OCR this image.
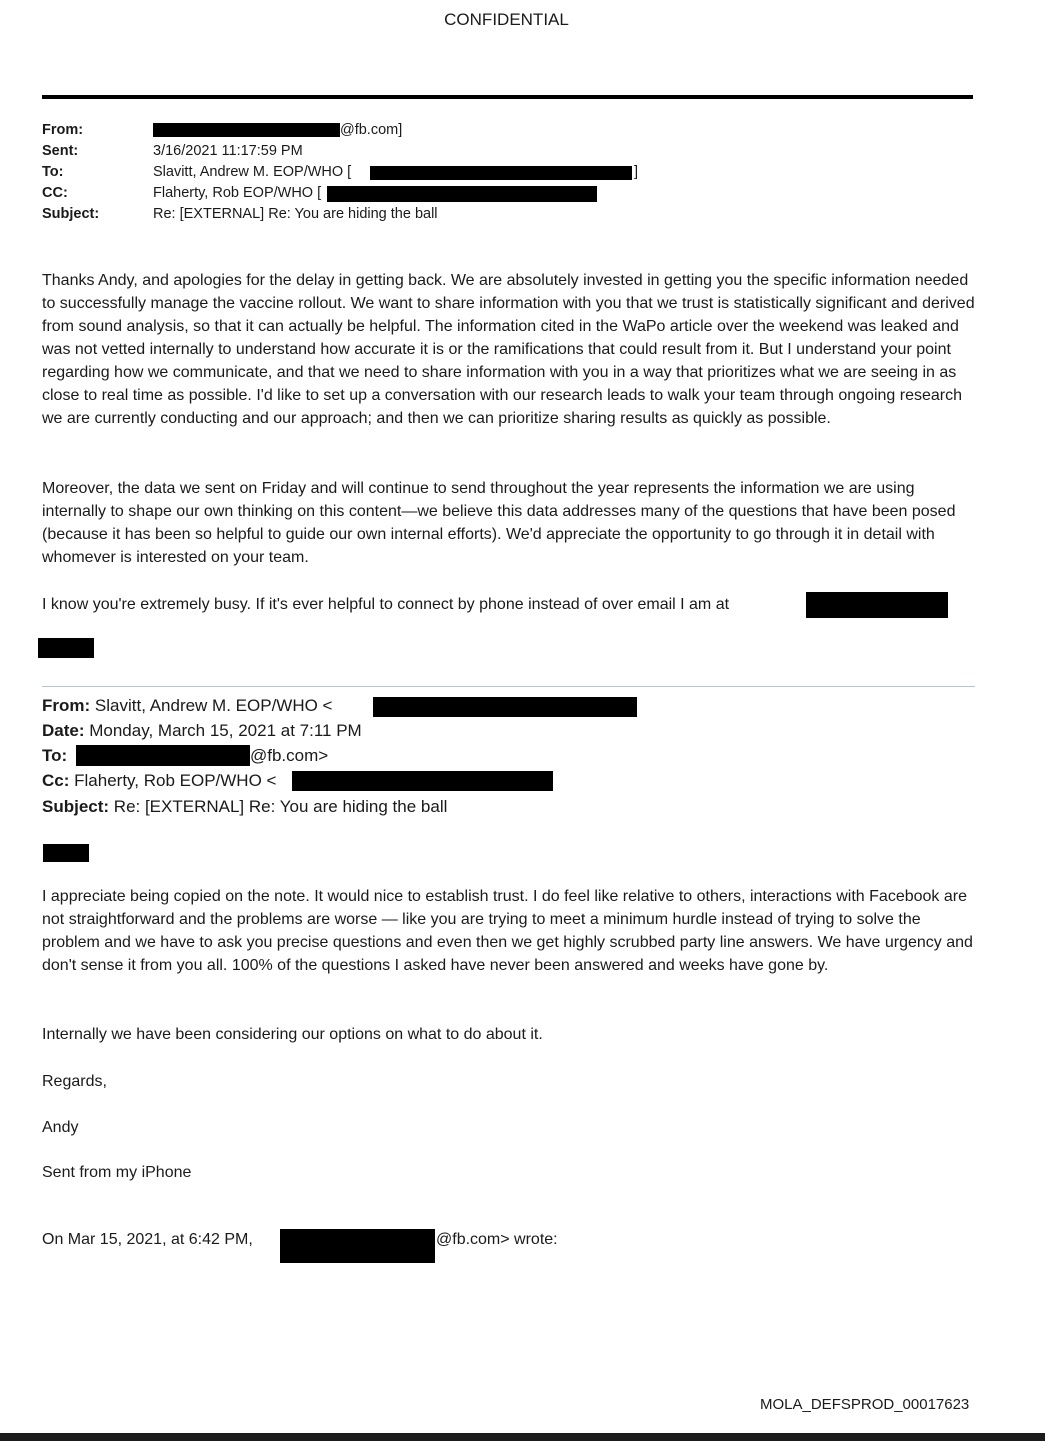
CONFIDENTIAL
From:	@fb.com]
Sent:	3/16/2021 11:17:59 PM
To:	Slavitt, Andrew M. EOP/WHO [	]
CC:	Flaherty, Rob EOP/WHO [
Subject:	Re: [EXTERNAL] Re: You are hiding the ball

Thanks Andy, and apologies for the delay in getting back. We are absolutely invested in getting you the specific information needed to successfully manage the vaccine rollout. We want to share information with you that we trust is statistically significant and derived from sound analysis, so that it can actually be helpful. The information cited in the WaPo article over the weekend was leaked and was not vetted internally to understand how accurate it is or the ramifications that could result from it. But I understand your point regarding how we communicate, and that we need to share information with you in a way that prioritizes what we are seeing in as close to real time as possible. I'd like to set up a conversation with our research leads to walk your team through ongoing research we are currently conducting and our approach; and then we can prioritize sharing results as quickly as possible.

Moreover, the data we sent on Friday and will continue to send throughout the year represents the information we are using internally to shape our own thinking on this content—we believe this data addresses many of the questions that have been posed (because it has been so helpful to guide our own internal efforts). We'd appreciate the opportunity to go through it in detail with whomever is interested on your team.

I know you're extremely busy. If it's ever helpful to connect by phone instead of over email I am at
From: Slavitt, Andrew M. EOP/WHO <
Date: Monday, March 15, 2021 at 7:11 PM
To:	@fb.com>
Cc: Flaherty, Rob EOP/WHO <
Subject: Re: [EXTERNAL] Re: You are hiding the ball

I appreciate being copied on the note. It would nice to establish trust. I do feel like relative to others, interactions with Facebook are not straightforward and the problems are worse — like you are trying to meet a minimum hurdle instead of trying to solve the problem and we have to ask you precise questions and even then we get highly scrubbed party line answers. We have urgency and don't sense it from you all. 100% of the questions I asked have never been answered and weeks have gone by.

Internally we have been considering our options on what to do about it.

Regards,
Andy
Sent from my iPhone
On Mar 15, 2021, at 6:42 PM,	@fb.com> wrote:
MOLA_DEFSPROD_00017623
